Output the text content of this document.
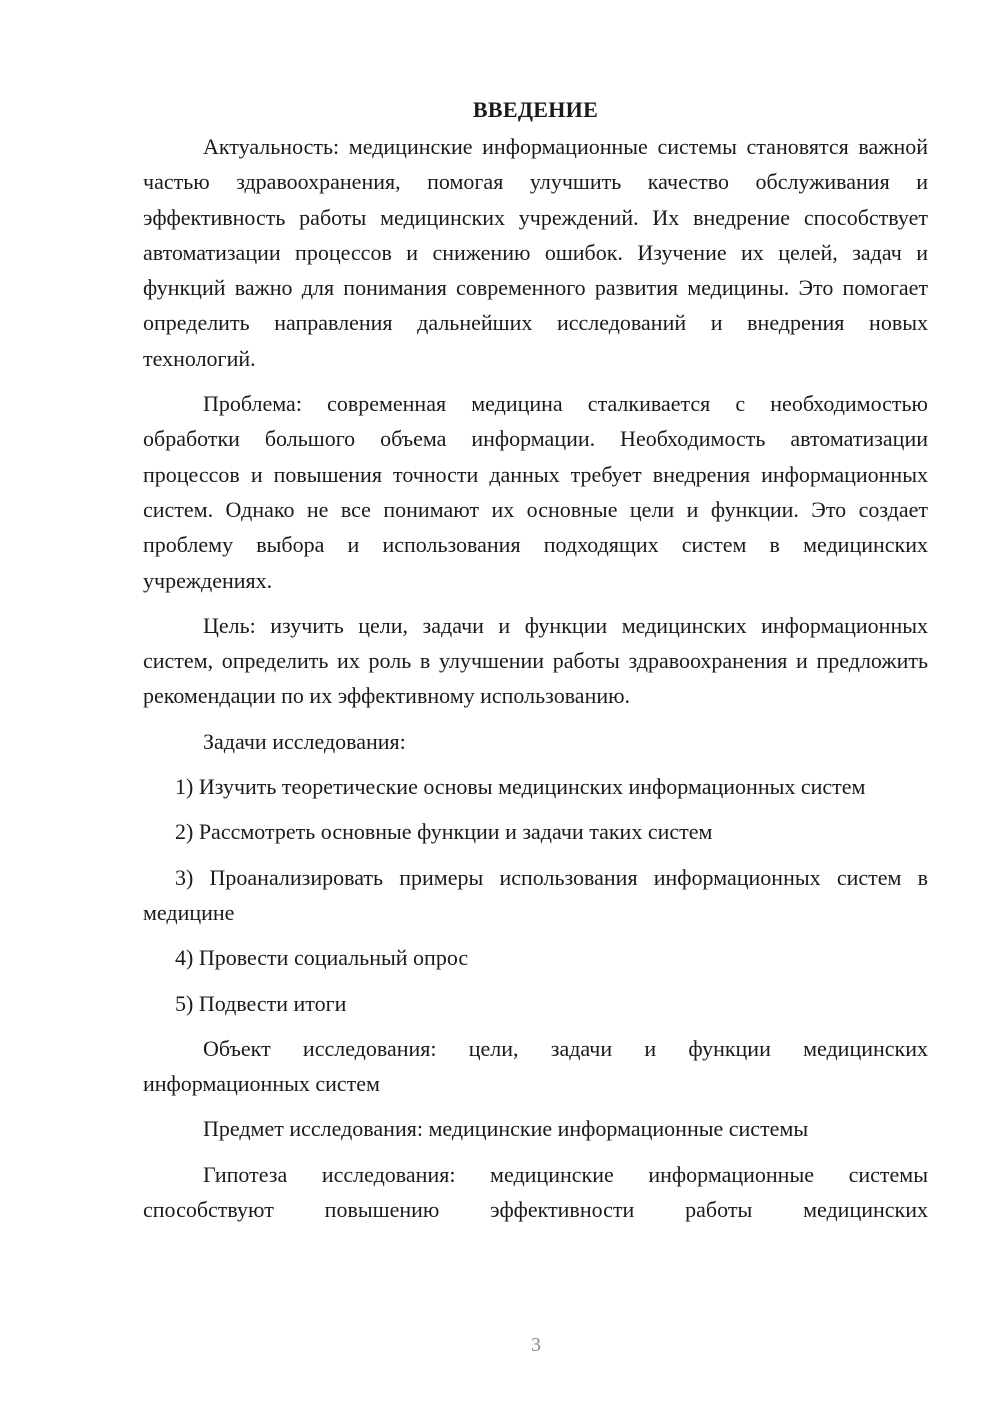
ВВЕДЕНИЕ

Актуальность: медицинские информационные системы становятся важной частью здравоохранения, помогая улучшить качество обслуживания и эффективность работы медицинских учреждений. Их внедрение способствует автоматизации процессов и снижению ошибок. Изучение их целей, задач и функций важно для понимания современного развития медицины. Это помогает определить направления дальнейших исследований и внедрения новых технологий.

Проблема: современная медицина сталкивается с необходимостью обработки большого объема информации. Необходимость автоматизации процессов и повышения точности данных требует внедрения информационных систем. Однако не все понимают их основные цели и функции. Это создает проблему выбора и использования подходящих систем в медицинских учреждениях.

Цель: изучить цели, задачи и функции медицинских информационных систем, определить их роль в улучшении работы здравоохранения и предложить рекомендации по их эффективному использованию.

Задачи исследования:

1) Изучить теоретические основы медицинских информационных систем

2) Рассмотреть основные функции и задачи таких систем

3) Проанализировать примеры использования информационных систем в медицине

4) Провести социальный опрос

5) Подвести итоги

Объект исследования: цели, задачи и функции медицинских информационных систем

Предмет исследования: медицинские информационные системы

Гипотеза исследования: медицинские информационные системы способствуют повышению эффективности работы медицинских

3
